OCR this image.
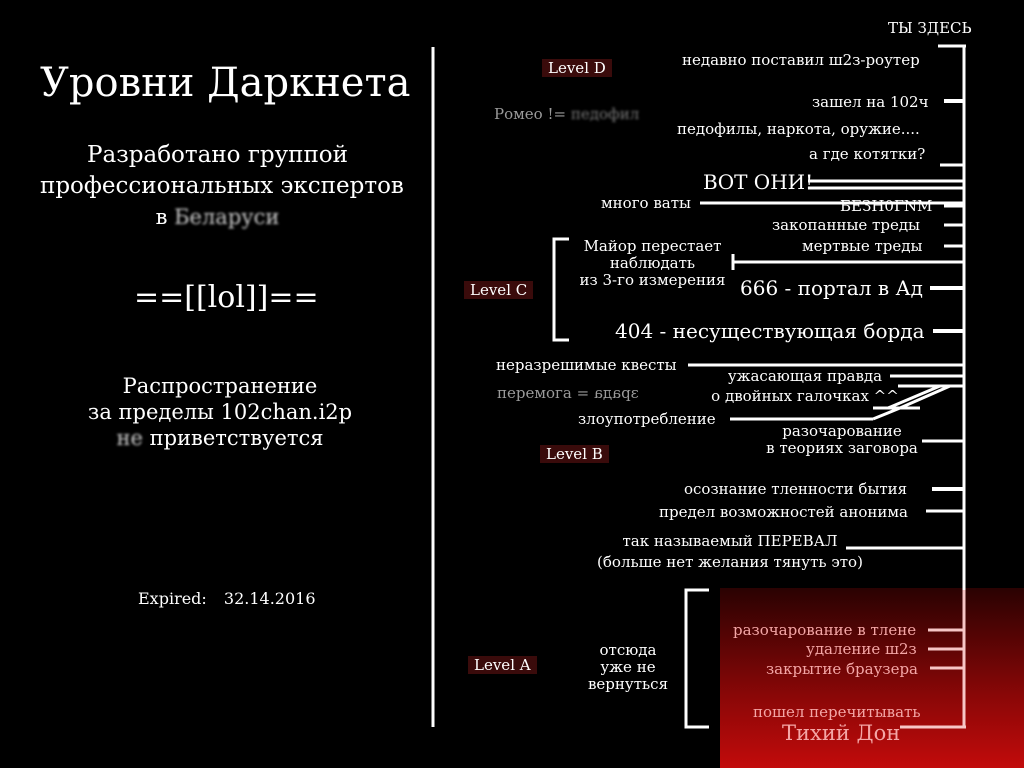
Уровни Даркнета
Разработано группой
профессиональных экспертов
в Беларуси
==[[lol]]==
Распространение
за пределы 102chan.i2p
не приветствуется
Expired: 32.14.2016
Level D
Level C
Level B
Level A
ТЫ ЗДЕСЬ
недавно поставил ш2з-роутер
Ромео != педофил
зашел на 102ч
педофилы, наркота, оружие....
а где котятки?
ВОТ ОНИ!
много ваты	БЕЗН0ГNМ
закопанные треды
мертвые треды
Майор перестает
наблюдать
из 3-го измерения 666 - портал в Ад
404 - несуществующая борда
неразрешимые квесты
перемога = зрада
ужасающая правда
о двойных галочках ^^
злоупотребление
разочарование
в теориях заговора
осознание тленности бытия
предел возможностей анонима
так называемый ПЕРЕВАЛ
(больше нет желания тянуть это)
отсюда
уже не
вернуться
разочарование в тлене
удаление ш2з
закрытие браузера
пошел перечитывать
Тихий Дон
